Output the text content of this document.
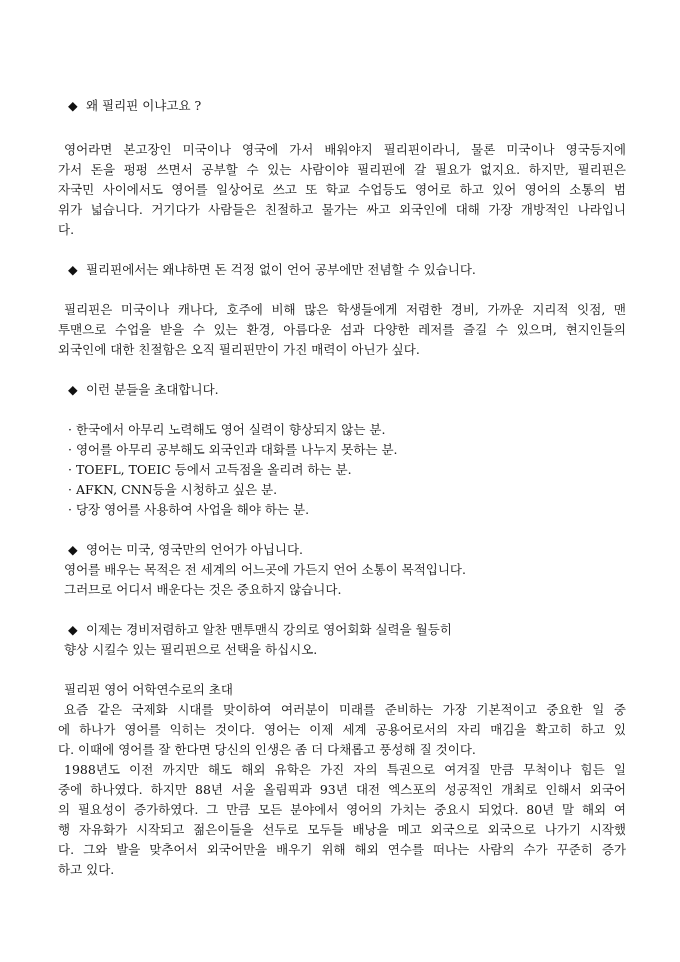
◆ 왜 필리핀 이냐고요 ?
영어라면 본고장인 미국이나 영국에 가서 배워야지 필리핀이라니, 물론 미국이나 영국등지에
가서 돈을 펑펑 쓰면서 공부할 수 있는 사람이야 필리핀에 갈 필요가 없지요. 하지만, 필리핀은
자국민 사이에서도 영어를 일상어로 쓰고 또 학교 수업등도 영어로 하고 있어 영어의 소통의 범
위가 넓습니다. 거기다가 사람들은 친절하고 물가는 싸고 외국인에 대해 가장 개방적인 나라입니
다.
◆ 필리핀에서는 왜냐하면 돈 걱정 없이 언어 공부에만 전념할 수 있습니다.
필리핀은 미국이나 캐나다, 호주에 비해 많은 학생들에게 저렴한 경비, 가까운 지리적 잇점, 맨
투맨으로 수업을 받을 수 있는 환경, 아름다운 섬과 다양한 레저를 즐길 수 있으며, 현지인들의
외국인에 대한 친절함은 오직 필리핀만이 가진 매력이 아닌가 싶다.
◆ 이런 분들을 초대합니다.
· 한국에서 아무리 노력해도 영어 실력이 향상되지 않는 분.
· 영어를 아무리 공부해도 외국인과 대화를 나누지 못하는 분.
· TOEFL, TOEIC 등에서 고득점을 올리려 하는 분.
· AFKN, CNN등을 시청하고 싶은 분.
· 당장 영어를 사용하여 사업을 해야 하는 분.
◆ 영어는 미국, 영국만의 언어가 아닙니다.
영어를 배우는 목적은 전 세계의 어느곳에 가든지 언어 소통이 목적입니다.
그러므로 어디서 배운다는 것은 중요하지 않습니다.
◆ 이제는 경비저렴하고 알찬 맨투맨식 강의로 영어회화 실력을 월등히
향상 시킬수 있는 필리핀으로 선택을 하십시오.
필리핀 영어 어학연수로의 초대
요즘 같은 국제화 시대를 맞이하여 여러분이 미래를 준비하는 가장 기본적이고 중요한 일 중
에 하나가 영어를 익히는 것이다. 영어는 이제 세계 공용어로서의 자리 매김을 확고히 하고 있
다. 이때에 영어를 잘 한다면 당신의 인생은 좀 더 다채롭고 풍성해 질 것이다.
1988년도 이전 까지만 해도 해외 유학은 가진 자의 특권으로 여겨질 만큼 무척이나 힘든 일
중에 하나였다. 하지만 88년 서울 올림픽과 93년 대전 엑스포의 성공적인 개최로 인해서 외국어
의 필요성이 증가하였다. 그 만큼 모든 분야에서 영어의 가치는 중요시 되었다. 80년 말 해외 여
행 자유화가 시작되고 젊은이들을 선두로 모두들 배낭을 메고 외국으로 외국으로 나가기 시작했
다. 그와 발을 맞추어서 외국어만을 배우기 위해 해외 연수를 떠나는 사람의 수가 꾸준히 증가
하고 있다.
